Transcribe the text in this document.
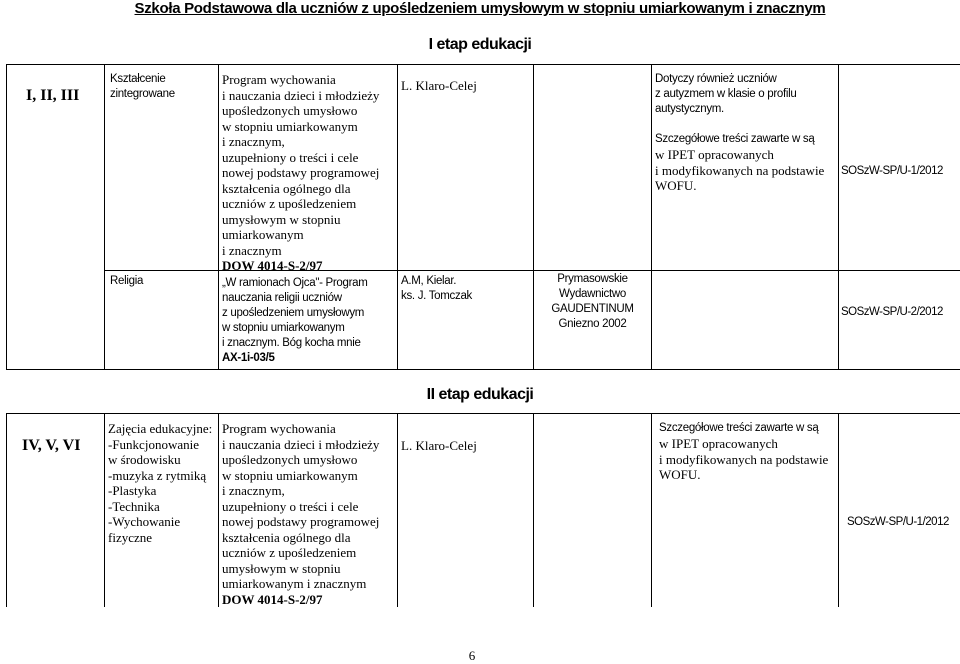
Szkoła Podstawowa dla uczniów z upośledzeniem umysłowym w stopniu umiarkowanym i znacznym
I etap edukacji
I, II, III
Kształcenie
zintegrowane
Program wychowania
i nauczania dzieci i młodzieży
upośledzonych umysłowo
w stopniu umiarkowanym
i znacznym,
uzupełniony o treści i cele
nowej podstawy programowej
kształcenia ogólnego dla
uczniów z upośledzeniem
umysłowym w stopniu
umiarkowanym
i znacznym
DOW 4014-S-2/97
L. Klaro-Celej	Dotyczy również uczniów
z autyzmem w klasie o profilu
autystycznym.
Szczegółowe treści zawarte w są
w IPET opracowanych
i modyfikowanych na podstawie
WOFU.
SOSzW-SP/U-1/2012
Religia	„W ramionach Ojca"- Program
nauczania religii uczniów
z upośledzeniem umysłowym
w stopniu umiarkowanym
i znacznym. Bóg kocha mnie
AX-1i-03/5
A.M, Kielar.
ks. J. Tomczak
Prymasowskie
Wydawnictwo
GAUDENTINUM
Gniezno 2002
SOSzW-SP/U-2/2012
II etap edukacji
IV, V, VI
Zajęcia edukacyjne:
-Funkcjonowanie
w środowisku
-muzyka z rytmiką
-Plastyka
-Technika
-Wychowanie
fizyczne
Program wychowania
i nauczania dzieci i młodzieży
upośledzonych umysłowo
w stopniu umiarkowanym
i znacznym,
uzupełniony o treści i cele
nowej podstawy programowej
kształcenia ogólnego dla
uczniów z upośledzeniem
umysłowym w stopniu
umiarkowanym i znacznym
DOW 4014-S-2/97
L. Klaro-Celej
Szczegółowe treści zawarte w są
w IPET opracowanych
i modyfikowanych na podstawie
WOFU.
SOSzW-SP/U-1/2012
6
